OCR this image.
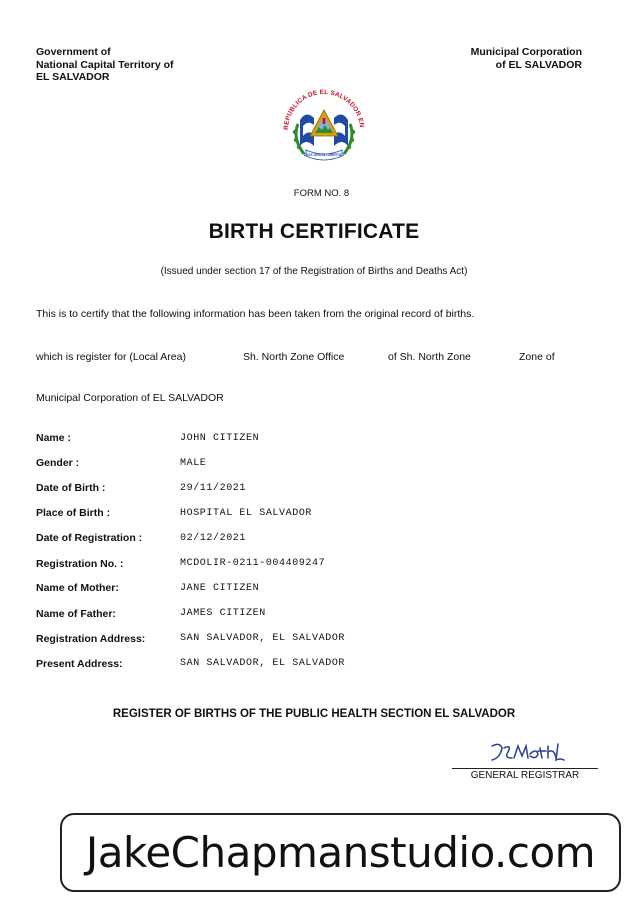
Government of
National Capital Territory of
EL SALVADOR
Municipal Corporation
of EL SALVADOR
REPUBLICA DE EL SALVADOR EN
DIOS UNION LIBERTAD
FORM NO. 8
BIRTH CERTIFICATE
(Issued under section 17 of the Registration of Births and Deaths Act)
This is to certify that the following information has been taken from the original record of births.
which is register for (Local Area)	Sh. North Zone Office	of Sh. North Zone	Zone of
Municipal Corporation of EL SALVADOR
Name :	JOHN CITIZEN
Gender :	MALE
Date of Birth :	29/11/2021
Place of Birth :	HOSPITAL EL SALVADOR
Date of Registration :	02/12/2021
Registration No. :	MCDOLIR-0211-004409247
Name of Mother:	JANE CITIZEN
Name of Father:	JAMES CITIZEN
Registration Address:	SAN SALVADOR, EL SALVADOR
Present Address:	SAN SALVADOR, EL SALVADOR
REGISTER OF BIRTHS OF THE PUBLIC HEALTH SECTION EL SALVADOR
GENERAL REGISTRAR
JakeChapmanstudio.com
